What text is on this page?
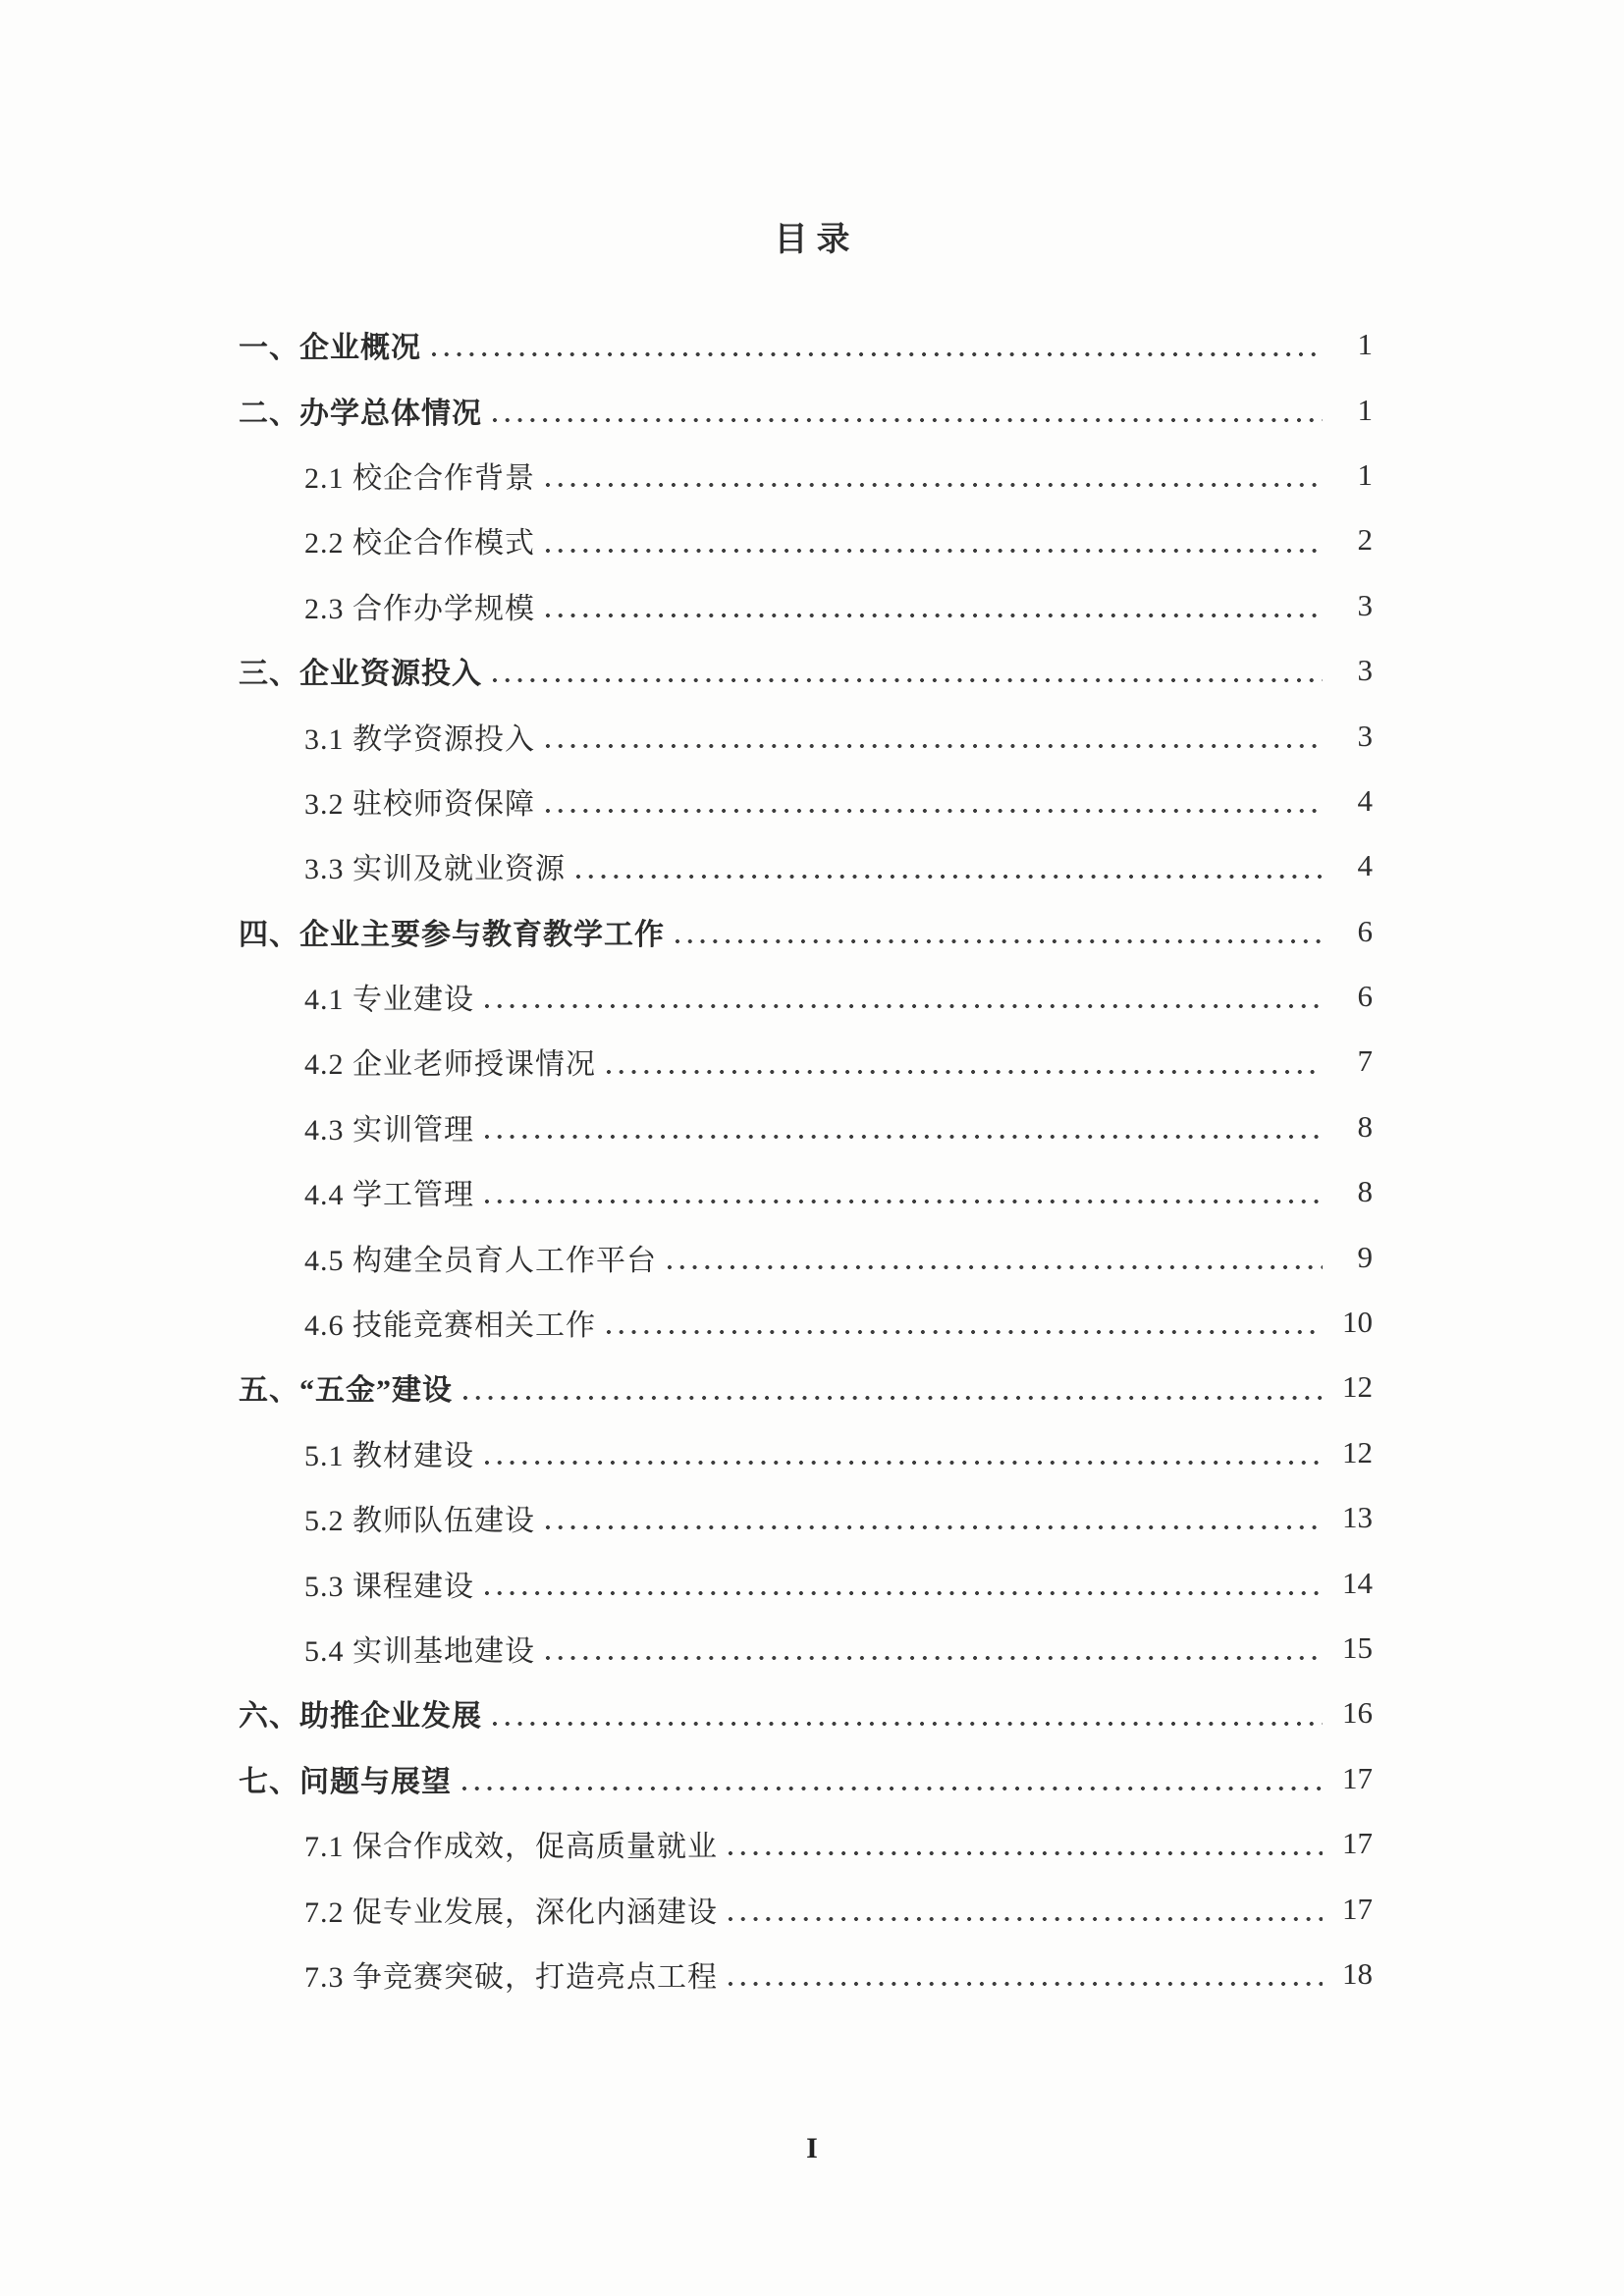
目录
一、企业概况	1
二、办学总体情况	1
2.1 校企合作背景	1
2.2 校企合作模式	2
2.3 合作办学规模	3
三、企业资源投入	3
3.1 教学资源投入	3
3.2 驻校师资保障	4
3.3 实训及就业资源	4
四、企业主要参与教育教学工作	6
4.1 专业建设	6
4.2 企业老师授课情况	7
4.3 实训管理	8
4.4 学工管理	8
4.5 构建全员育人工作平台	9
4.6 技能竞赛相关工作	10
五、“五金”建设	12
5.1 教材建设	12
5.2 教师队伍建设	13
5.3 课程建设	14
5.4 实训基地建设	15
六、助推企业发展	16
七、问题与展望	17
7.1 保合作成效，促高质量就业	17
7.2 促专业发展，深化内涵建设	17
7.3 争竞赛突破，打造亮点工程	18
I
